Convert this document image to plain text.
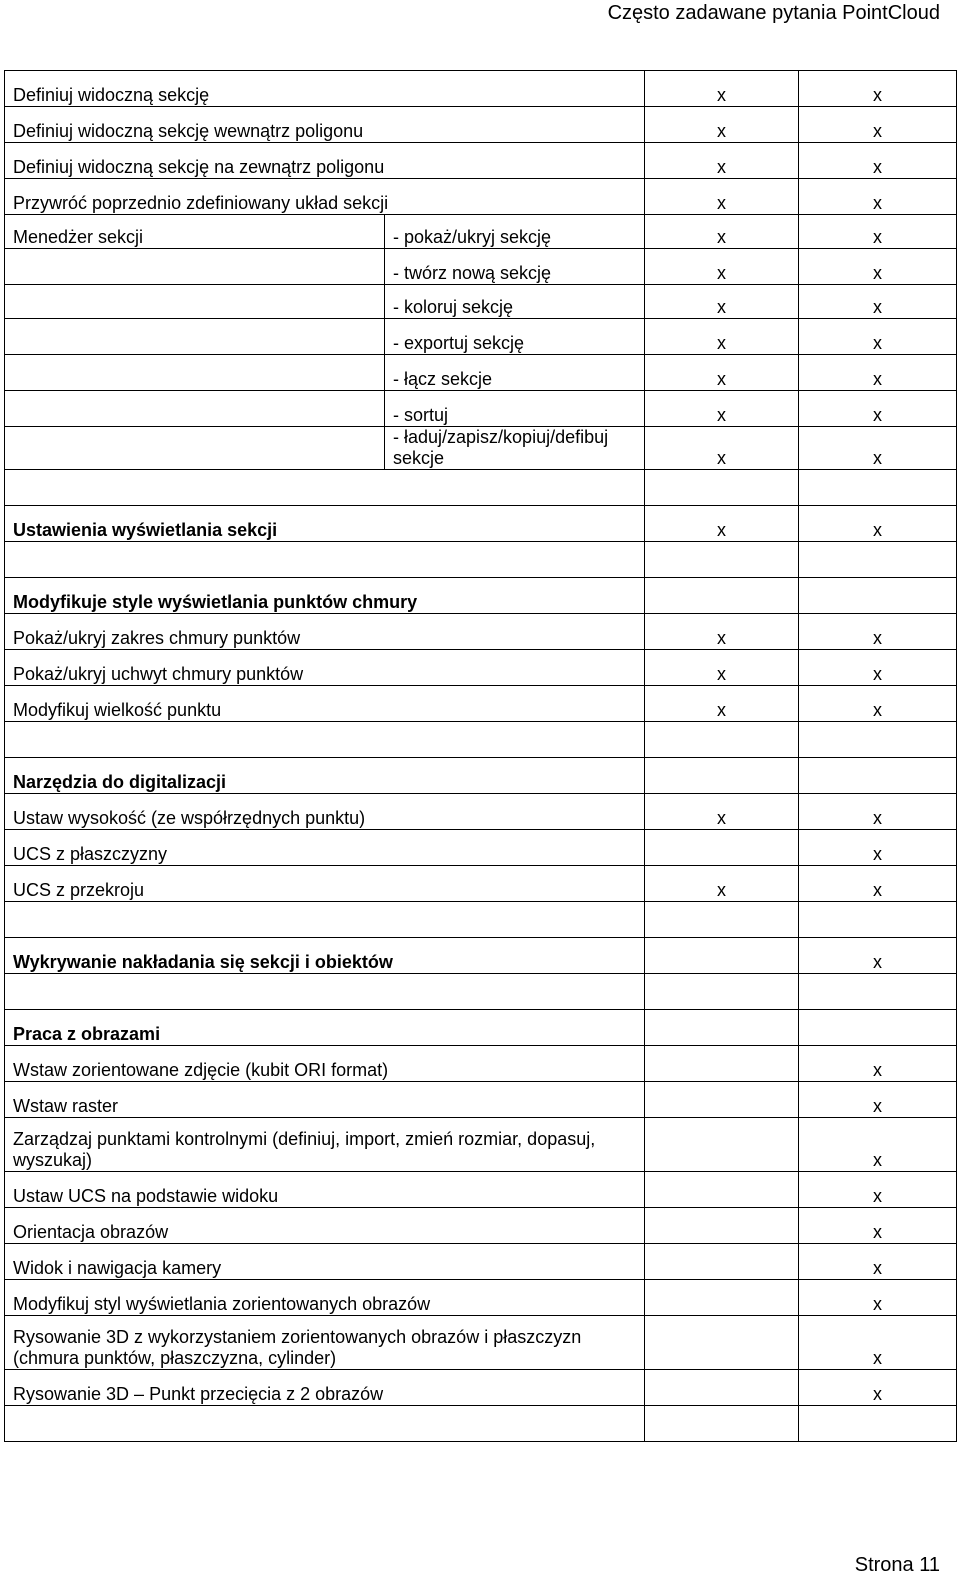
Często zadawane pytania PointCloud
Definiuj widoczną sekcję		x	x
Definiuj widoczną sekcję wewnątrz poligonu		x	x
Definiuj widoczną sekcję na zewnątrz poligonu		x	x
Przywróć poprzednio zdefiniowany układ sekcji		x	x
Menedżer sekcji	- pokaż/ukryj sekcję	x	x
	- twórz nową sekcję	x	x
	- koloruj sekcję	x	x
	- exportuj sekcję	x	x
	- łącz sekcje	x	x
	- sortuj	x	x
	- ładuj/zapisz/kopiuj/defibuj sekcje	x	x

Ustawienia wyświetlania sekcji		x	x

Modyfikuje style wyświetlania punktów chmury			
Pokaż/ukryj zakres chmury punktów		x	x
Pokaż/ukryj uchwyt chmury punktów		x	x
Modyfikuj wielkość punktu		x	x

Narzędzia do digitalizacji			
Ustaw wysokość (ze współrzędnych punktu)		x	x
UCS z płaszczyzny			x
UCS z przekroju		x	x

Wykrywanie nakładania się sekcji i obiektów			x

Praca z obrazami			
Wstaw zorientowane zdjęcie (kubit ORI format)			x
Wstaw raster			x
Zarządzaj punktami kontrolnymi (definiuj, import, zmień rozmiar, dopasuj, wyszukaj)			x
Ustaw UCS na podstawie widoku			x
Orientacja obrazów			x
Widok i nawigacja kamery			x
Modyfikuj styl wyświetlania zorientowanych obrazów			x
Rysowanie 3D z wykorzystaniem zorientowanych obrazów i płaszczyzn (chmura punktów, płaszczyzna, cylinder)			x
Rysowanie 3D – Punkt przecięcia z 2 obrazów			x

Strona 11
